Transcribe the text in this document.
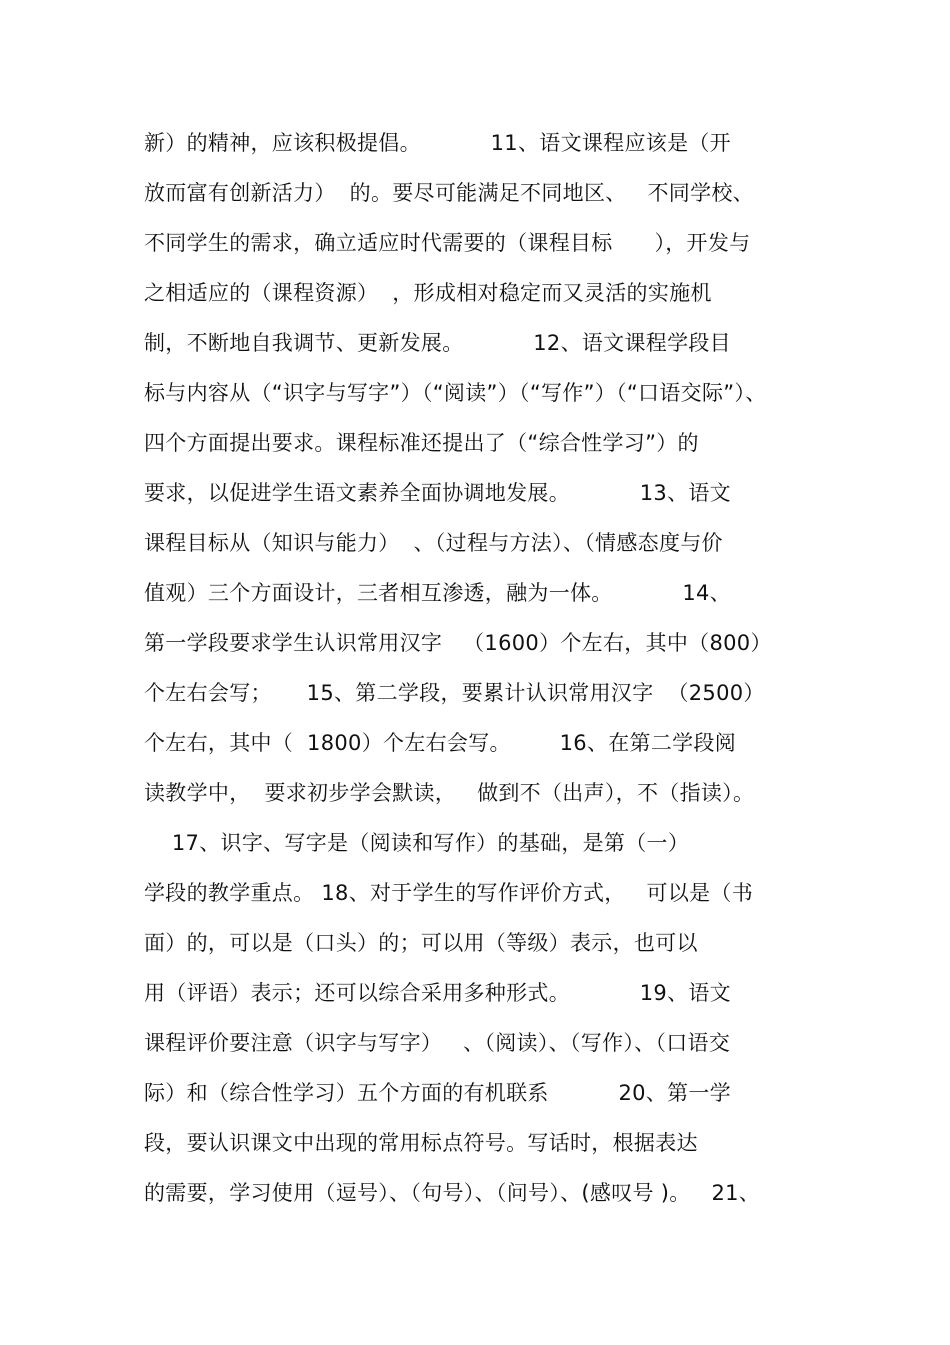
新）的精神，应该积极提倡。          11、语文课程应该是（开
放而富有创新活力）  的。要尽可能满足不同地区、   不同学校、
不同学生的需求，确立适应时代需要的（课程目标      ），开发与
之相适应的（课程资源）  ，形成相对稳定而又灵活的实施机
制，不断地自我调节、更新发展。          12、语文课程学段目
标与内容从（“识字与写字”）（“阅读”）（“写作”）（“口语交际”）、
四个方面提出要求。课程标准还提出了（“综合性学习”）的
要求，以促进学生语文素养全面协调地发展。          13、语文
课程目标从（知识与能力）  、（过程与方法）、（情感态度与价
值观）三个方面设计，三者相互渗透，融为一体。          14、
第一学段要求学生认识常用汉字   （1600）个左右，其中（800）
个左右会写；     15、第二学段，要累计认识常用汉字  （2500）
个左右，其中（  1800）个左右会写。       16、在第二学段阅
读教学中，  要求初步学会默读，   做到不（出声），不（指读）。
17、识字、写字是（阅读和写作）的基础，是第（一）
学段的教学重点。 18、对于学生的写作评价方式，   可以是（书
面）的，可以是（口头）的；可以用（等级）表示，也可以
用（评语）表示；还可以综合采用多种形式。          19、语文
课程评价要注意（识字与写字）   、（阅读）、（写作）、（口语交
际）和（综合性学习）五个方面的有机联系          20、第一学
段，要认识课文中出现的常用标点符号。写话时，根据表达
的需要，学习使用（逗号）、（句号）、（问号）、(感叹号 )。   21、
